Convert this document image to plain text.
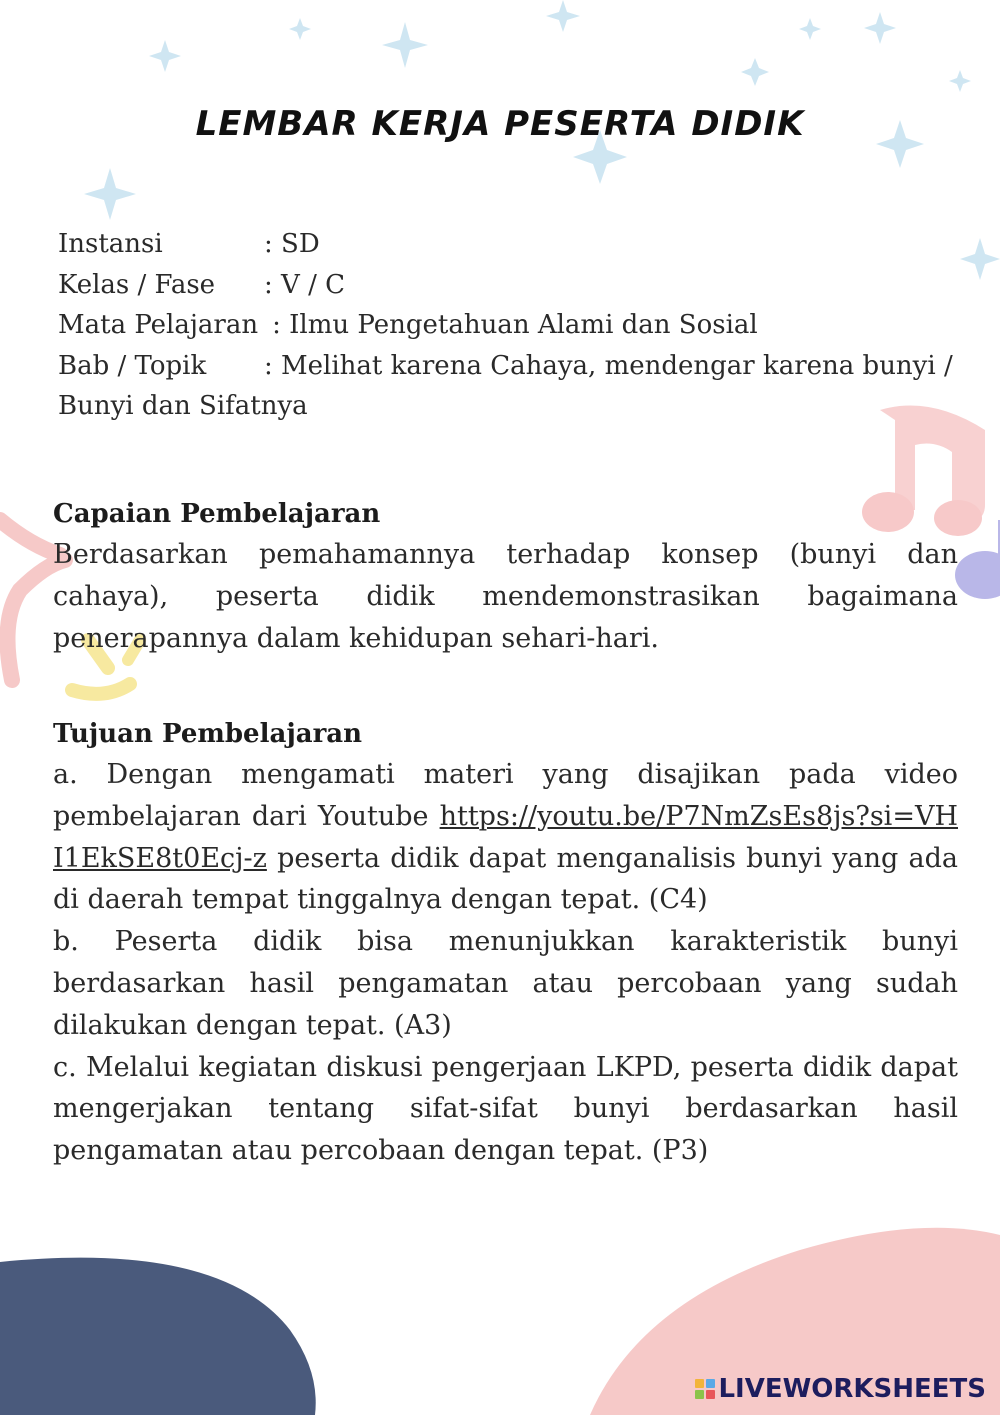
LEMBAR KERJA PESERTA DIDIK
Instansi	: SD
Kelas / Fase	: V / C
Mata Pelajaran : Ilmu Pengetahuan Alami dan Sosial
Bab / Topik	: Melihat karena Cahaya, mendengar karena bunyi /
Bunyi dan Sifatnya
Capaian Pembelajaran

Berdasarkan pemahamannya terhadap konsep (bunyi dan cahaya), peserta didik mendemonstrasikan bagaimana penerapannya dalam kehidupan sehari-hari.

Tujuan Pembelajaran

a. Dengan mengamati materi yang disajikan pada video pembelajaran dari Youtube https://youtu.be/P7NmZsEs8js?si=VHI1EkSE8t0Ecj-z peserta didik dapat menganalisis bunyi yang ada di daerah tempat tinggalnya dengan tepat. (C4)

b. Peserta didik bisa menunjukkan karakteristik bunyi berdasarkan hasil pengamatan atau percobaan yang sudah dilakukan dengan tepat. (A3)

c. Melalui kegiatan diskusi pengerjaan LKPD, peserta didik dapat mengerjakan tentang sifat-sifat bunyi berdasarkan hasil pengamatan atau percobaan dengan tepat. (P3)

LIVEWORKSHEETS
